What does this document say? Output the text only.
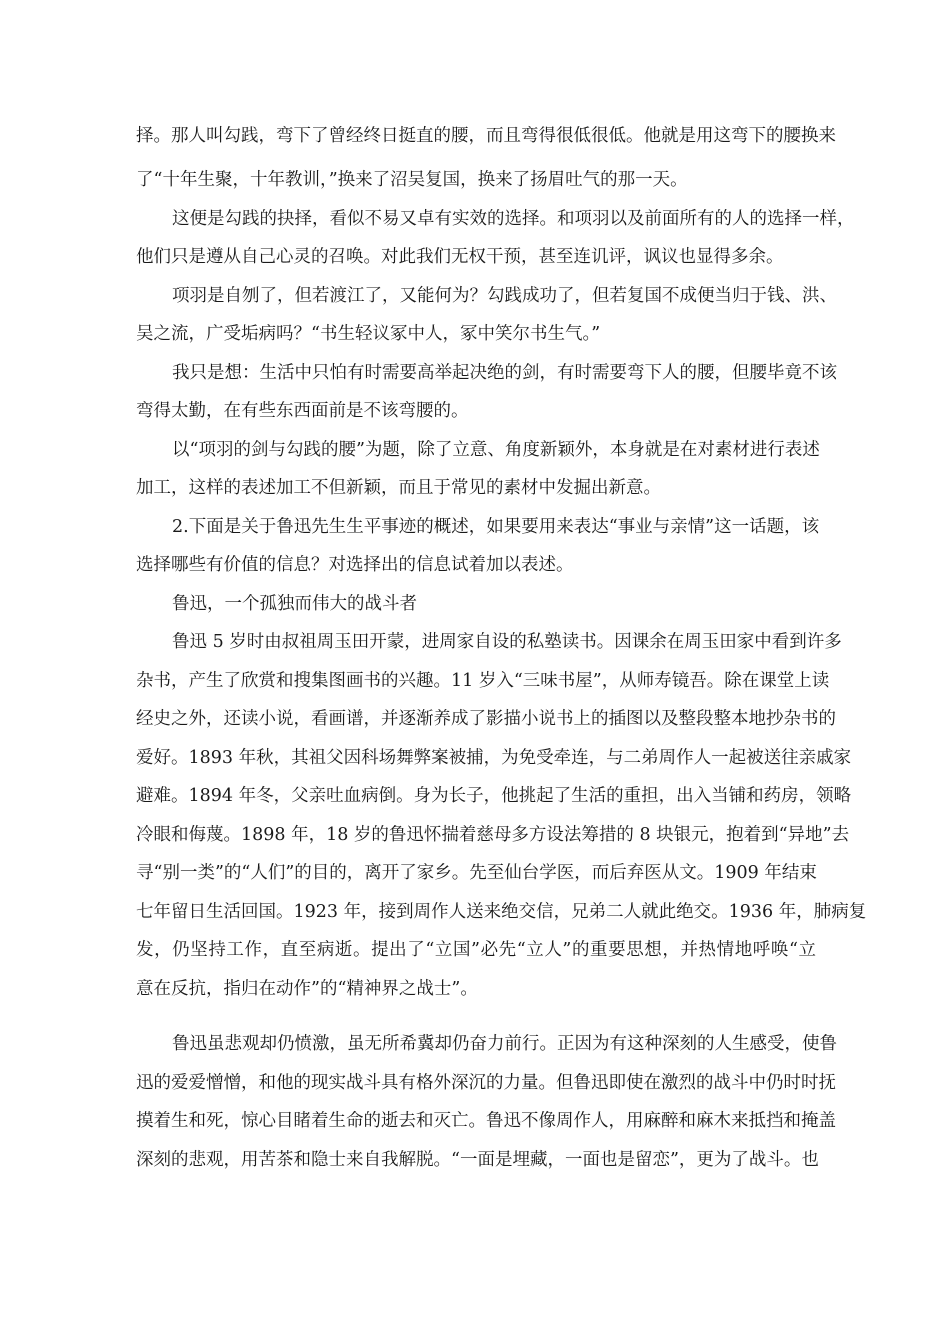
择。那人叫勾践，弯下了曾经终日挺直的腰，而且弯得很低很低。他就是用这弯下的腰换来
了“十年生聚，十年教训，”换来了沼吴复国，换来了扬眉吐气的那一天。
这便是勾践的抉择，看似不易又卓有实效的选择。和项羽以及前面所有的人的选择一样，
他们只是遵从自己心灵的召唤。对此我们无权干预，甚至连讥评，讽议也显得多余。
项羽是自刎了，但若渡江了，又能何为？勾践成功了，但若复国不成便当归于钱、洪、
吴之流，广受垢病吗？“书生轻议冢中人，冢中笑尔书生气。”
我只是想：生活中只怕有时需要高举起决绝的剑，有时需要弯下人的腰，但腰毕竟不该
弯得太勤，在有些东西面前是不该弯腰的。
以“项羽的剑与勾践的腰”为题，除了立意、角度新颖外，本身就是在对素材进行表述
加工，这样的表述加工不但新颖，而且于常见的素材中发掘出新意。
2.下面是关于鲁迅先生生平事迹的概述，如果要用来表达“事业与亲情”这一话题，该
选择哪些有价值的信息？对选择出的信息试着加以表述。
鲁迅，一个孤独而伟大的战斗者
鲁迅 5 岁时由叔祖周玉田开蒙，进周家自设的私塾读书。因课余在周玉田家中看到许多
杂书，产生了欣赏和搜集图画书的兴趣。11 岁入“三味书屋”，从师寿镜吾。除在课堂上读
经史之外，还读小说，看画谱，并逐渐养成了影描小说书上的插图以及整段整本地抄杂书的
爱好。1893 年秋，其祖父因科场舞弊案被捕，为免受牵连，与二弟周作人一起被送往亲戚家
避难。1894 年冬，父亲吐血病倒。身为长子，他挑起了生活的重担，出入当铺和药房，领略
冷眼和侮蔑。1898 年，18 岁的鲁迅怀揣着慈母多方设法筹措的 8 块银元，抱着到“异地”去
寻“别一类”的“人们”的目的，离开了家乡。先至仙台学医，而后弃医从文。1909 年结束
七年留日生活回国。1923 年，接到周作人送来绝交信，兄弟二人就此绝交。1936 年，肺病复
发，仍坚持工作，直至病逝。提出了“立国”必先“立人”的重要思想，并热情地呼唤“立
意在反抗，指归在动作”的“精神界之战士”。
鲁迅虽悲观却仍愤激，虽无所希冀却仍奋力前行。正因为有这种深刻的人生感受，使鲁
迅的爱爱憎憎，和他的现实战斗具有格外深沉的力量。但鲁迅即使在激烈的战斗中仍时时抚
摸着生和死，惊心目睹着生命的逝去和灭亡。鲁迅不像周作人，用麻醉和麻木来抵挡和掩盖
深刻的悲观，用苦茶和隐士来自我解脱。“一面是埋藏，一面也是留恋”，更为了战斗。也
